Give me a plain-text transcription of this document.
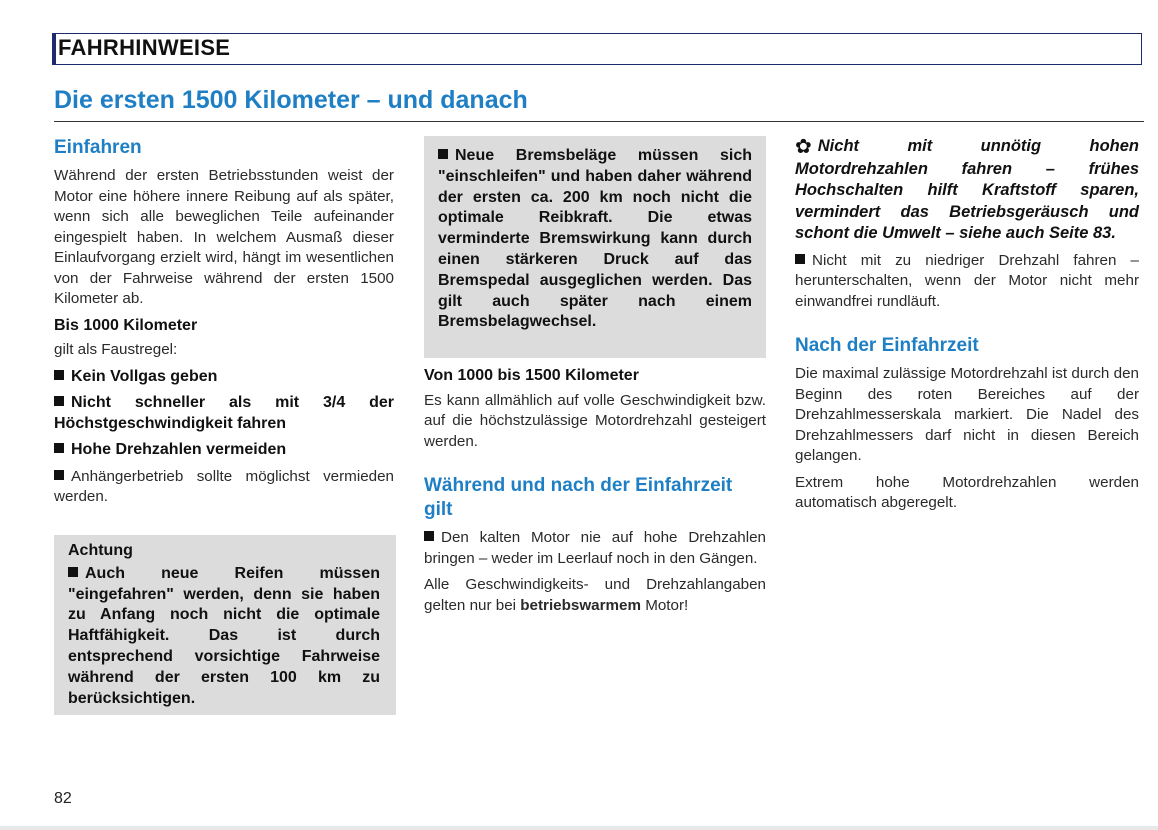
FAHRHINWEISE
Die ersten 1500 Kilometer – und danach
Einfahren

Während der ersten Betriebsstunden weist der Motor eine höhere innere Reibung auf als später, wenn sich alle beweglichen Teile aufeinander eingespielt haben. In welchem Ausmaß dieser Einlaufvorgang erzielt wird, hängt im wesentlichen von der Fahrweise während der ersten 1500 Kilometer ab.

Bis 1000 Kilometer

gilt als Faustregel:

Kein Vollgas geben

Nicht schneller als mit 3/4 der Höchstgeschwindigkeit fahren

Hohe Drehzahlen vermeiden

Anhängerbetrieb sollte möglichst vermieden werden.

Achtung

Auch neue Reifen müssen "eingefahren" werden, denn sie haben zu Anfang noch nicht die optimale Haftfähigkeit. Das ist durch entsprechend vorsichtige Fahrweise während der ersten 100 km zu berücksichtigen.

Neue Bremsbeläge müssen sich "einschleifen" und haben daher während der ersten ca. 200 km noch nicht die optimale Reibkraft. Die etwas verminderte Bremswirkung kann durch einen stärkeren Druck auf das Bremspedal ausgeglichen werden. Das gilt auch später nach einem Bremsbelagwechsel.

Von 1000 bis 1500 Kilometer

Es kann allmählich auf volle Geschwindigkeit bzw. auf die höchstzulässige Motordrehzahl gesteigert werden.

Während und nach der Einfahrzeit gilt

Den kalten Motor nie auf hohe Drehzahlen bringen – weder im Leerlauf noch in den Gängen.

Alle Geschwindigkeits- und Drehzahlangaben gelten nur bei betriebswarmem Motor!

✿ Nicht mit unnötig hohen Motordrehzahlen fahren – frühes Hochschalten hilft Kraftstoff sparen, vermindert das Betriebsgeräusch und schont die Umwelt – siehe auch Seite 83.

Nicht mit zu niedriger Drehzahl fahren – herunterschalten, wenn der Motor nicht mehr einwandfrei rundläuft.

Nach der Einfahrzeit

Die maximal zulässige Motordrehzahl ist durch den Beginn des roten Bereiches auf der Drehzahlmesserskala markiert. Die Nadel des Drehzahlmessers darf nicht in diesen Bereich gelangen.

Extrem hohe Motordrehzahlen werden automatisch abgeregelt.

82
